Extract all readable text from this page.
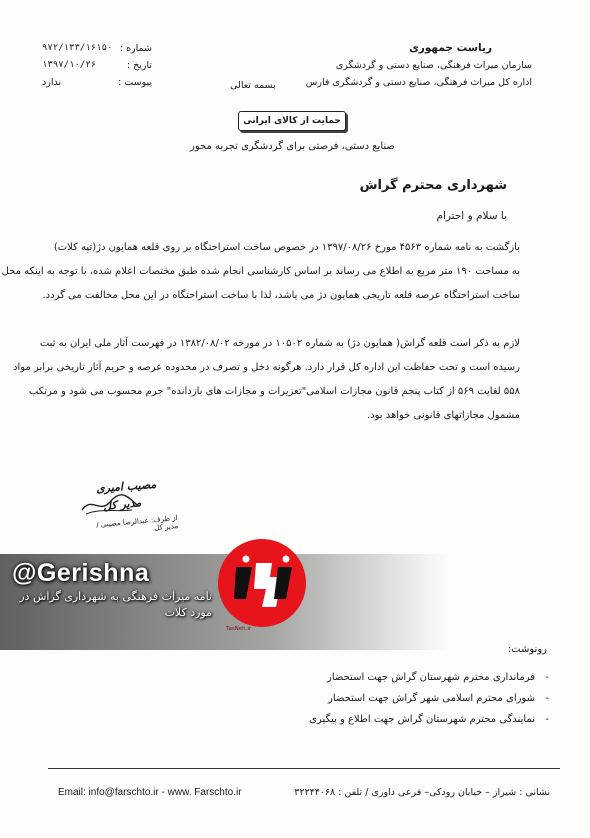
ریاست جمهوری
سازمان میراث فرهنگی، صنایع دستی و گردشگری
اداره کل میراث فرهنگی، صنایع دستی و گردشگری فارس
بسمه تعالی
شماره :
۹۷۲/۱۳۳/۱۶۱۵۰
تاریخ :
۱۳۹۷/۱۰/۲۶
پیوست :
ندارد
حمایت از کالای ایرانی
صنایع دستی، فرصتی برای گردشگری تجربه محور
شهرداری محترم گراش
با سلام و احترام
بازگشت به نامه شماره ۴۵۶۳ مورخ ۱۳۹۷/۰۸/۲۶ در خصوص ساخت استراحتگاه بر روی قلعه همایون دژ(تپه کلات)
به مساحت ۱۹۰ متر مربع به اطلاع می رساند بر اساس کارشناسی انجام شده طبق مختصات اعلام شده، با توجه به اینکه محل
ساخت استراحتگاه عرصه قلعه تاریخی همایون دژ می باشد، لذا با ساخت استراحتگاه در این محل مخالفت می گردد.
لازم به ذکر است قلعه گراش( همایون دژ) به شماره ۱۰۵۰۲ در مورخه ۱۳۸۲/۰۸/۰۲ در فهرست آثار ملی ایران به ثبت
رسیده است و تحت حفاظت این اداره کل قرار دارد. هرگونه دخل و تصرف در محدوده عرصه و حریم آثار تاریخی برابر مواد
۵۵۸ لغایت ۵۶۹ از کتاب پنجم قانون مجازات اسلامی"تعزیرات و مجازات های بازدانده" جرم محسوب می شود و مرتکب
مشمول مجازاتهای قانونی خواهد بود.
مصیب امیری
مدیر کل
از طرف: عبدالرضا مصیبی / مدیر کل
@Gerishna
نامه میراث فرهنگی به شهرداری گراش در مورد کلات
TasNeh.ir
رونوشت:
فرمانداری محترم شهرستان گراش جهت استحضار -
شورای محترم اسلامی شهر گراش جهت استحضار -
نمایندگی محترم شهرستان گراش جهت اطلاع و پیگیری -
نشانی : شیراز – خیابان رودکی– فرعی داوری / تلفن : ۳۲۲۴۴۰۶۸
Email: info@farschto.ir - www. Farschto.ir
